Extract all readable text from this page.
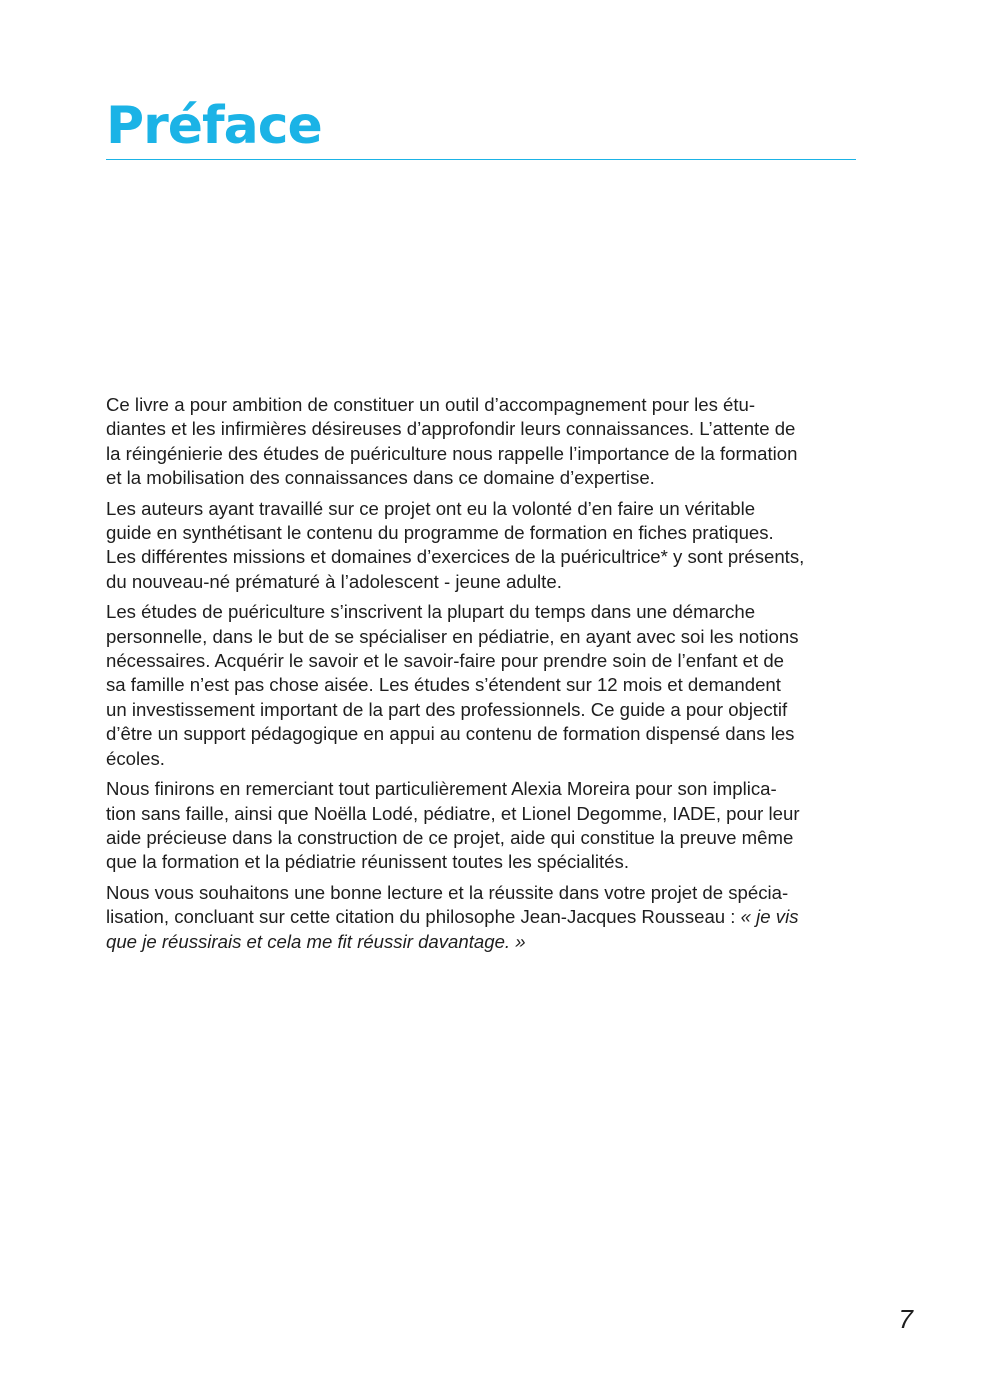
Préface

Ce livre a pour ambition de constituer un outil d’accompagnement pour les étu-
diantes et les infirmières désireuses d’approfondir leurs connaissances. L’attente de
la réingénierie des études de puériculture nous rappelle l’importance de la formation
et la mobilisation des connaissances dans ce domaine d’expertise.

Les auteurs ayant travaillé sur ce projet ont eu la volonté d’en faire un véritable
guide en synthétisant le contenu du programme de formation en fiches pratiques.
Les différentes missions et domaines d’exercices de la puéricultrice* y sont présents,
du nouveau-né prématuré à l’adolescent - jeune adulte.

Les études de puériculture s’inscrivent la plupart du temps dans une démarche
personnelle, dans le but de se spécialiser en pédiatrie, en ayant avec soi les notions
nécessaires. Acquérir le savoir et le savoir-faire pour prendre soin de l’enfant et de
sa famille n’est pas chose aisée. Les études s’étendent sur 12 mois et demandent
un investissement important de la part des professionnels. Ce guide a pour objectif
d’être un support pédagogique en appui au contenu de formation dispensé dans les
écoles.

Nous finirons en remerciant tout particulièrement Alexia Moreira pour son implica-
tion sans faille, ainsi que Noëlla Lodé, pédiatre, et Lionel Degomme, IADE, pour leur
aide précieuse dans la construction de ce projet, aide qui constitue la preuve même
que la formation et la pédiatrie réunissent toutes les spécialités.

Nous vous souhaitons une bonne lecture et la réussite dans votre projet de spécia-
lisation, concluant sur cette citation du philosophe Jean-Jacques Rousseau : « je vis
que je réussirais et cela me fit réussir davantage. »

7
